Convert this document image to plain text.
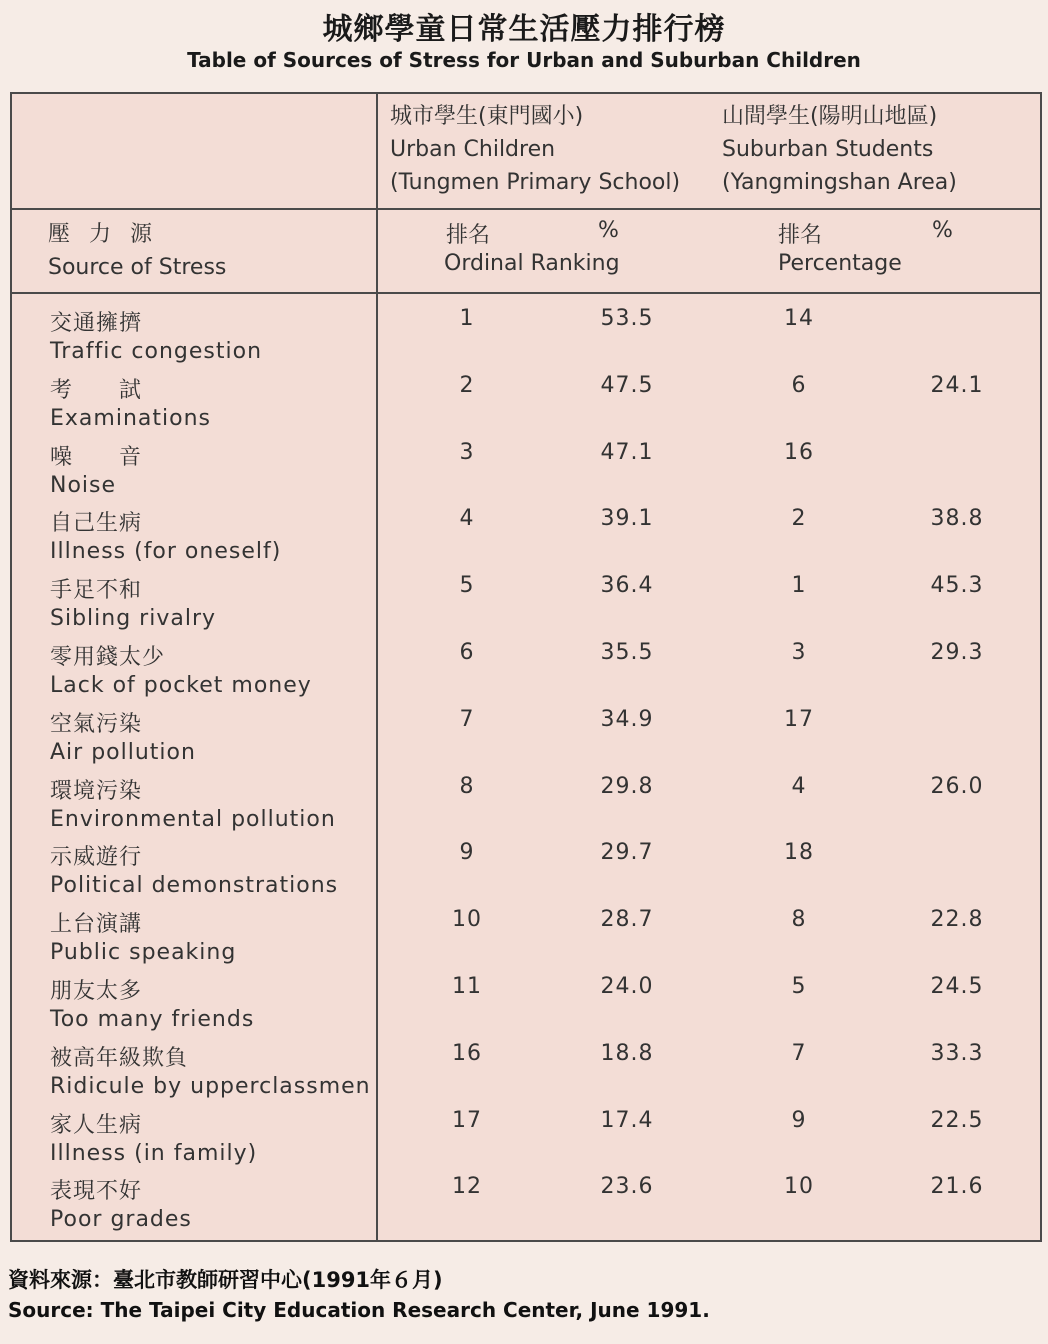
城鄉學童日常生活壓力排行榜
Table of Sources of Stress for Urban and Suburban Children
城市學生(東門國小)
Urban Children
(Tungmen Primary School)
山間學生(陽明山地區)
Suburban Students
(Yangmingshan Area)
壓 力 源
Source of Stress
排名	%
Ordinal Ranking
排名	%
Percentage
交通擁擠
Traffic congestion
1	53.5	14
考　　試
Examinations
2	47.5	6	24.1
噪　　音
Noise
3	47.1	16
自己生病
Illness (for oneself)
4	39.1	2	38.8
手足不和
Sibling rivalry
5	36.4	1	45.3
零用錢太少
Lack of pocket money
6	35.5	3	29.3
空氣污染
Air pollution
7	34.9	17
環境污染
Environmental pollution
8	29.8	4	26.0
示威遊行
Political demonstrations
9	29.7	18
上台演講
Public speaking
10	28.7	8	22.8
朋友太多
Too many friends
11	24.0	5	24.5
被高年級欺負
Ridicule by upperclassmen
16	18.8	7	33.3
家人生病
Illness (in family)
17	17.4	9	22.5
表現不好
Poor grades
12	23.6	10	21.6
資料來源：臺北市教師研習中心(1991年６月)
Source: The Taipei City Education Research Center, June 1991.
